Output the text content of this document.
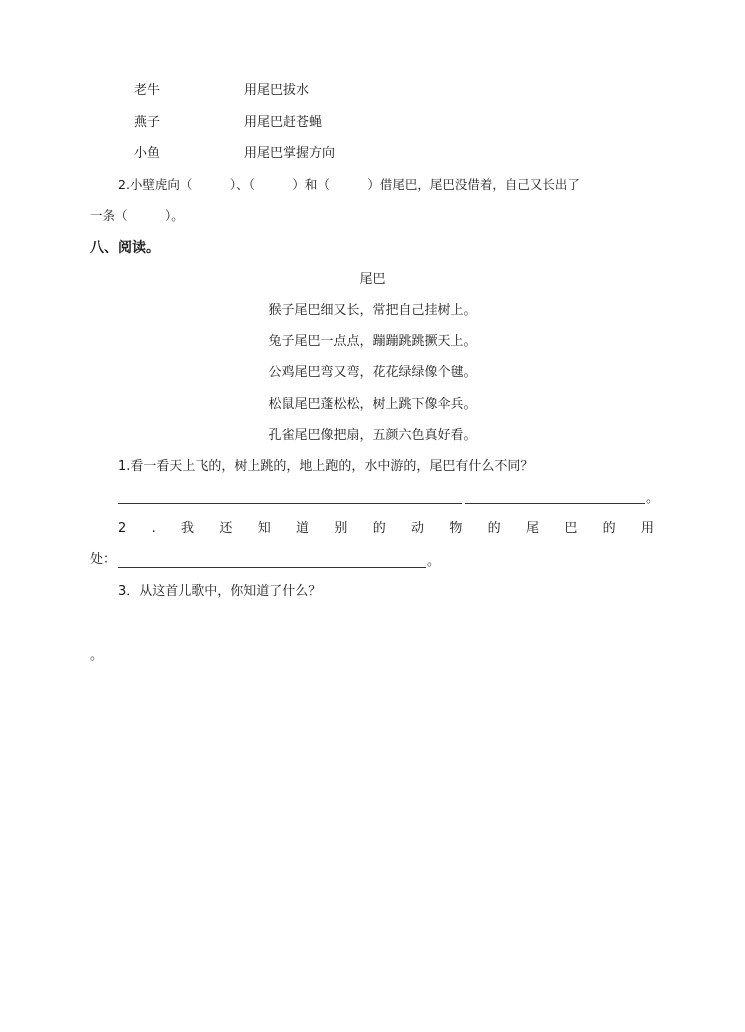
老牛	用尾巴拔水
燕子	用尾巴赶苍蝇
小鱼	用尾巴掌握方向
2.小壁虎向（　　　）、（　　　）和（　　　）借尾巴，尾巴没借着，自己又长出了
一条（　　　）。
八、阅读。
尾巴
猴子尾巴细又长，常把自己挂树上。
兔子尾巴一点点，蹦蹦跳跳撅天上。
公鸡尾巴弯又弯，花花绿绿像个毽。
松鼠尾巴蓬松松，树上跳下像伞兵。
孔雀尾巴像把扇，五颜六色真好看。
1.看一看天上飞的，树上跳的，地上跑的，水中游的，尾巴有什么不同？
。
2 . 我 还 知 道 别 的 动 物 的 尾 巴 的 用
处：	。
3．从这首儿歌中，你知道了什么？
。
